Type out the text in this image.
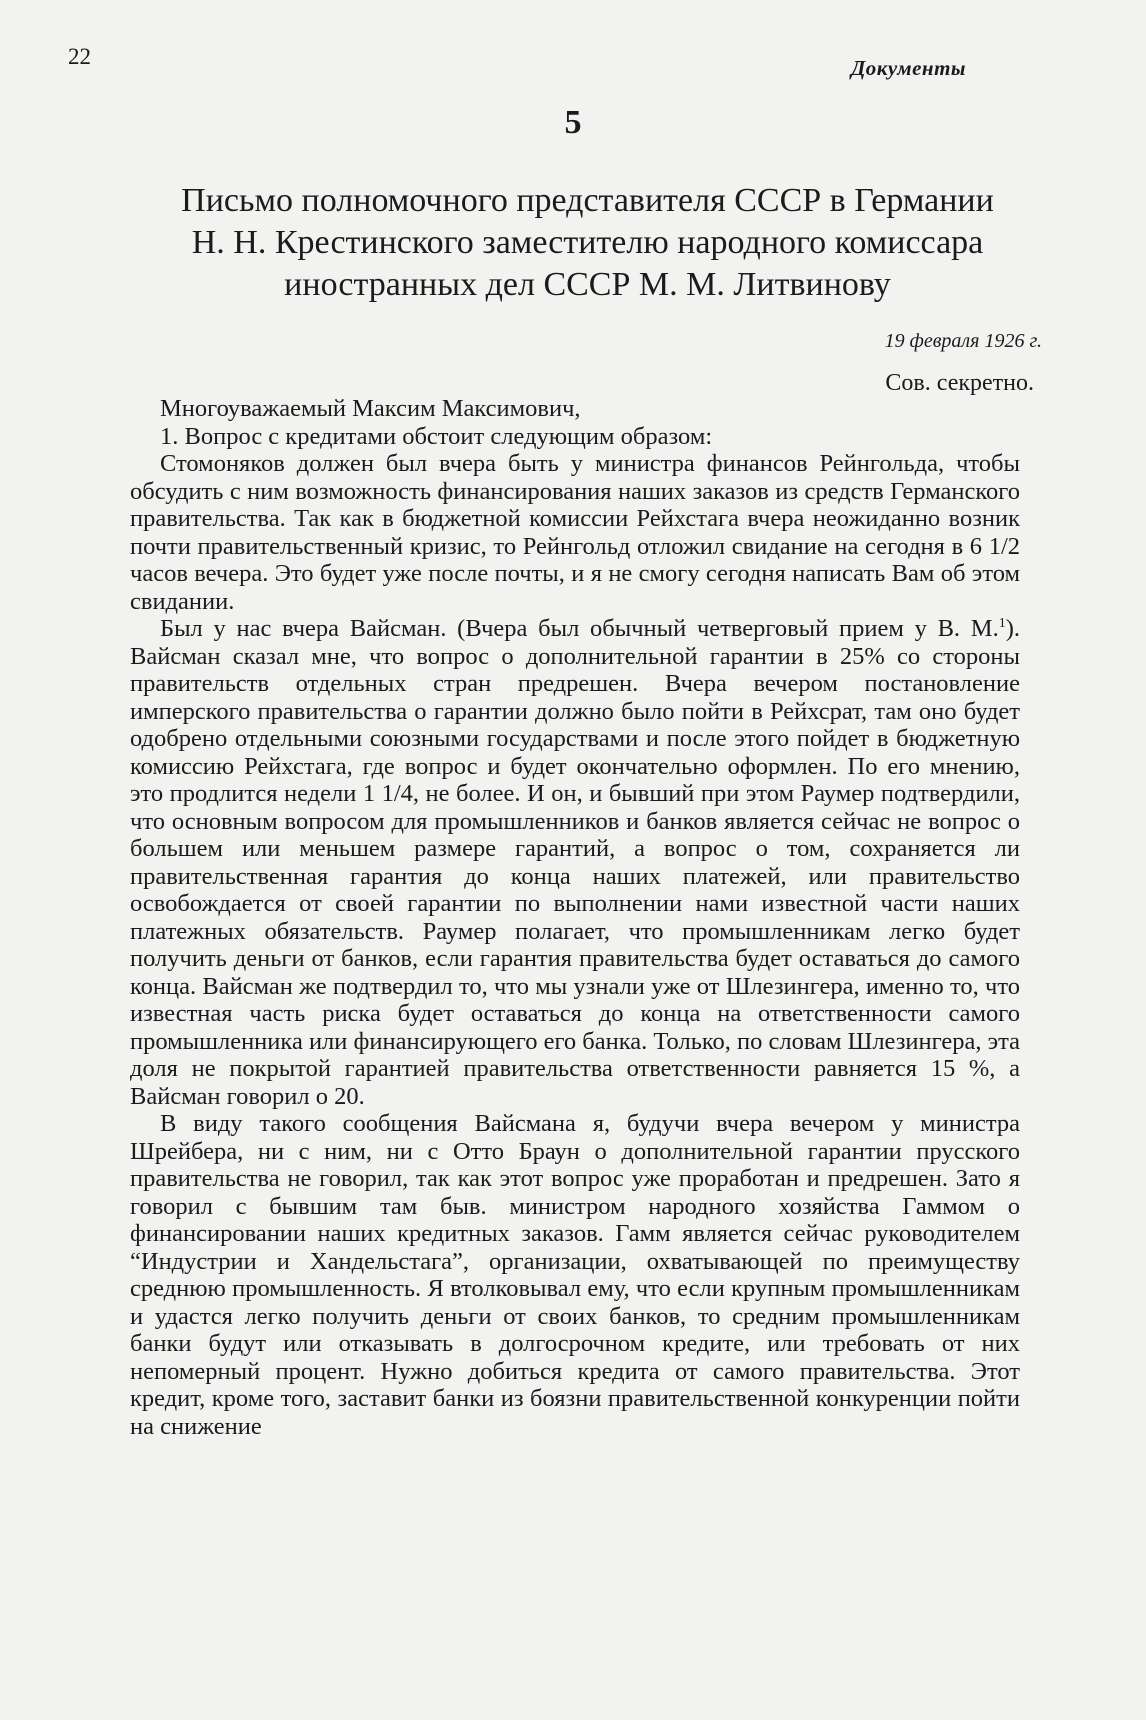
22	Документы
5
Письмо полномочного представителя СССР в Германии
Н. Н. Крестинского заместителю народного комиссара
иностранных дел СССР М. М. Литвинову
19 февраля 1926 г.
Сов. секретно.

Многоуважаемый Максим Максимович,

1. Вопрос с кредитами обстоит следующим образом:

Стомоняков должен был вчера быть у министра финансов Рейнгольда, чтобы обсудить с ним возможность финансирования наших заказов из средств Германского правительства. Так как в бюджетной комиссии Рейхстага вчера неожиданно возник почти правительственный кризис, то Рейнгольд отложил свидание на сегодня в 6 1/2 часов вечера. Это будет уже после почты, и я не смогу сегодня написать Вам об этом свидании.

Был у нас вчера Вайсман. (Вчера был обычный четверговый прием у В. М.$^1$). Вайсман сказал мне, что вопрос о дополнительной гарантии в 25% со стороны правительств отдельных стран предрешен. Вчера вечером постановление имперского правительства о гарантии должно было пойти в Рейхсрат, там оно будет одобрено отдельными союзными государствами и после этого пойдет в бюджетную комиссию Рейхстага, где вопрос и будет окончательно оформлен. По его мнению, это продлится недели 1 1/4, не более. И он, и бывший при этом Раумер подтвердили, что основным вопросом для промышленников и банков является сейчас не вопрос о большем или меньшем размере гарантий, а вопрос о том, сохраняется ли правительственная гарантия до конца наших платежей, или правительство освобождается от своей гарантии по выполнении нами известной части наших платежных обязательств. Раумер полагает, что промышленникам легко будет получить деньги от банков, если гарантия правительства будет оставаться до самого конца. Вайсман же подтвердил то, что мы узнали уже от Шлезингера, именно то, что известная часть риска будет оставаться до конца на ответственности самого промышленника или финансирующего его банка. Только, по словам Шлезингера, эта доля не покрытой гарантией правительства ответственности равняется 15 %, а Вайсман говорил о 20.

В виду такого сообщения Вайсмана я, будучи вчера вечером у министра Шрейбера, ни с ним, ни с Отто Браун о дополнительной гарантии прусского правительства не говорил, так как этот вопрос уже проработан и предрешен. Зато я говорил с бывшим там быв. министром народного хозяйства Гаммом о финансировании наших кредитных заказов. Гамм является сейчас руководителем “Индустрии и Хандельстага”, организации, охватывающей по преимуществу среднюю промышленность. Я втолковывал ему, что если крупным промышленникам и удастся легко получить деньги от своих банков, то средним промышленникам банки будут или отказывать в долгосрочном кредите, или требовать от них непомерный процент. Нужно добиться кредита от самого правительства. Этот кредит, кроме того, заставит банки из боязни правительственной конкуренции пойти на снижение
